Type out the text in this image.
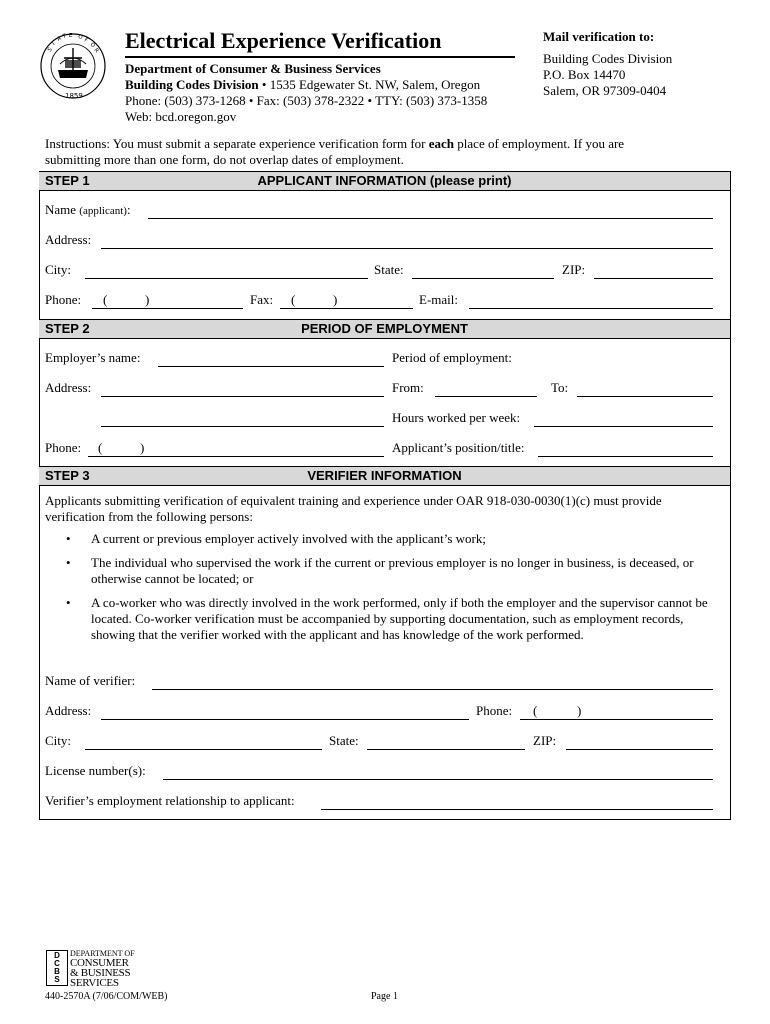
S
T
A T E O F
O
R
1859
Electrical Experience Verification
Department of Consumer & Business Services
Building Codes Division • 1535 Edgewater St. NW, Salem, Oregon
Phone: (503) 373-1268 • Fax: (503) 378-2322 • TTY: (503) 373-1358
Web: bcd.oregon.gov
Mail verification to:
Building Codes Division
P.O. Box 14470
Salem, OR 97309-0404
Instructions: You must submit a separate experience verification form for each place of employment. If you are
submitting more than one form, do not overlap dates of employment.
STEP 1	APPLICANT INFORMATION (please print)
Name (applicant):
Address:
City:	State:	ZIP:
Phone: (	)	Fax: (	)	E-mail:
STEP 2	PERIOD OF EMPLOYMENT
Employer’s name:	Period of employment:
Address:	From:	To:
Hours worked per week:
Phone: (	)	Applicant’s position/title:
STEP 3	VERIFIER INFORMATION
Applicants submitting verification of equivalent training and experience under OAR 918-030-0030(1)(c) must provide
verification from the following persons:
• A current or previous employer actively involved with the applicant’s work;
• The individual who supervised the work if the current or previous employer is no longer in business, is deceased, or otherwise cannot be located; or
• A co-worker who was directly involved in the work performed, only if both the employer and the supervisor cannot be located. Co-worker verification must be accompanied by supporting documentation, such as employment records, showing that the verifier worked with the applicant and has knowledge of the work performed.
Name of verifier:
Address:	Phone: (	)
City:	State:	ZIP:
License number(s):
Verifier’s employment relationship to applicant:
DCBS
DEPARTMENT OF
CONSUMER
& BUSINESS
SERVICES
440-2570A (7/06/COM/WEB)	Page 1
